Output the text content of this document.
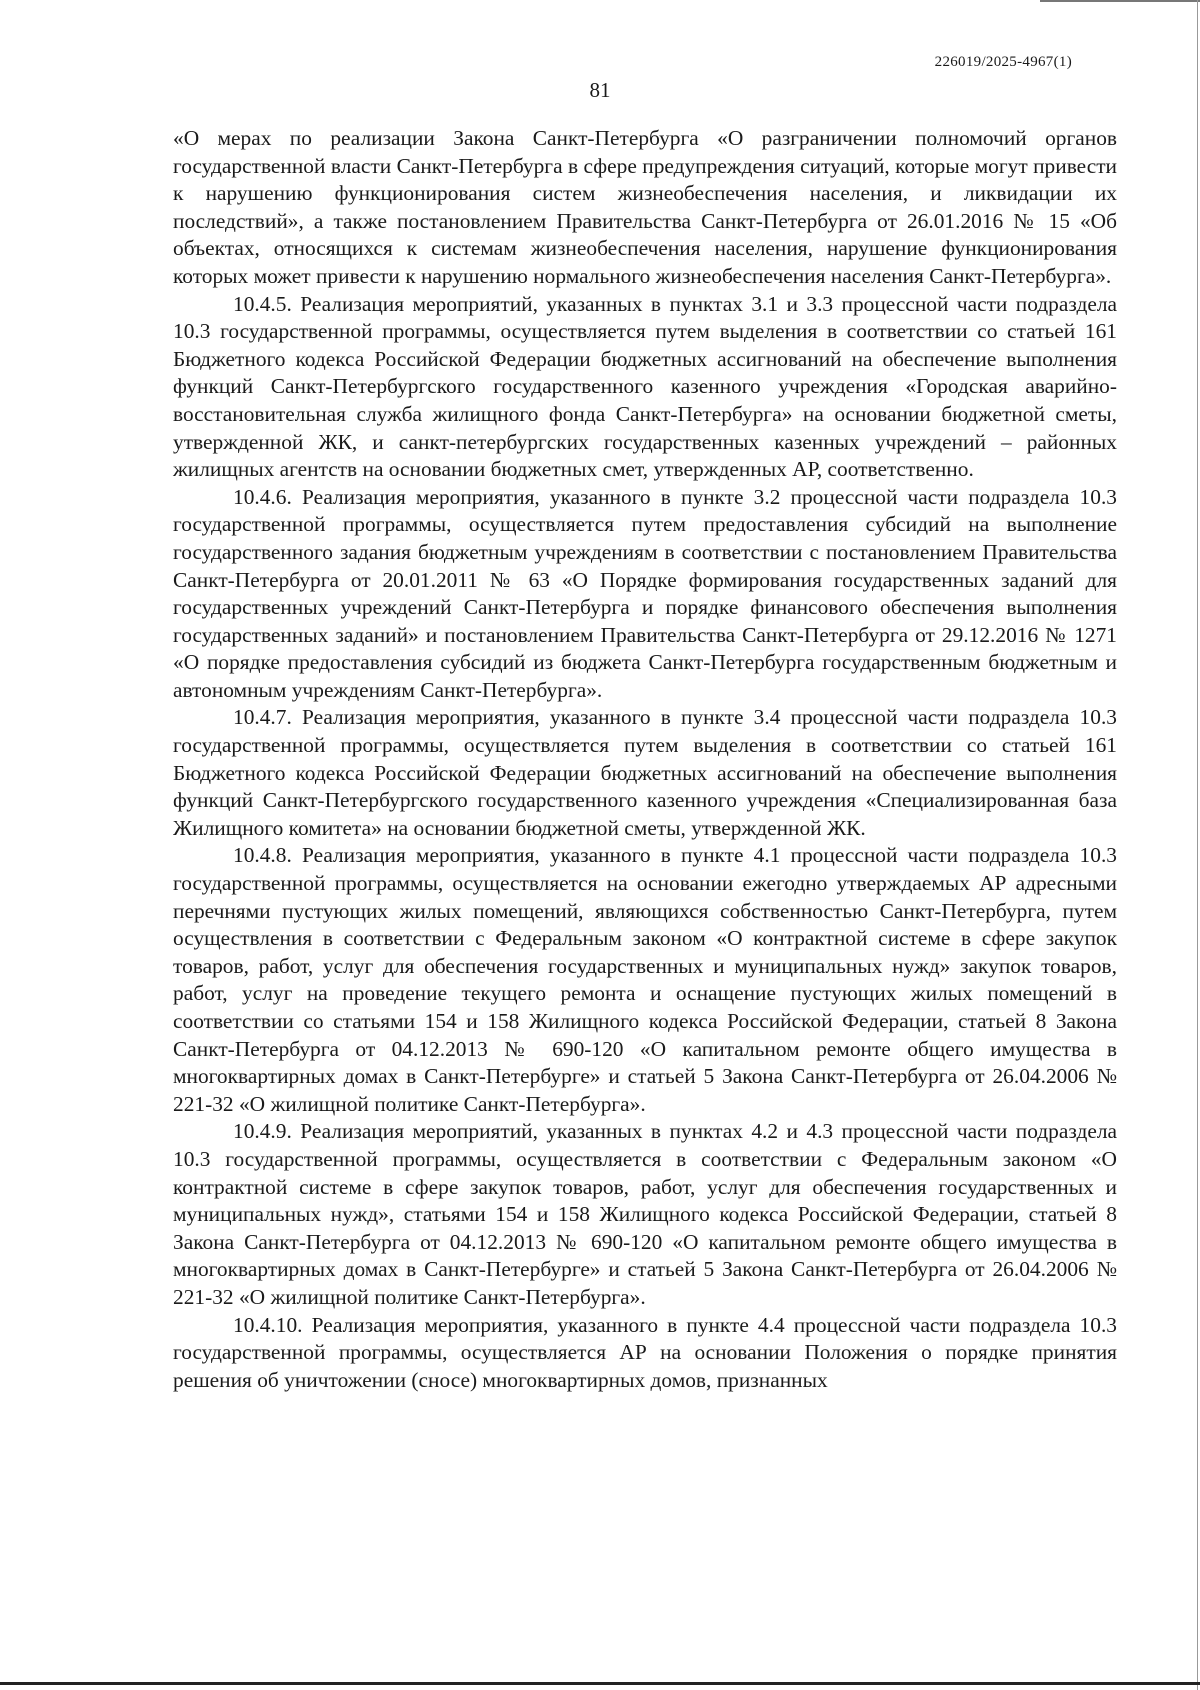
226019/2025-4967(1)
81

«О мерах по реализации Закона Санкт-Петербурга «О разграничении полномочий органов государственной власти Санкт-Петербурга в сфере предупреждения ситуаций, которые могут привести к нарушению функционирования систем жизнеобеспечения населения, и ликвидации их последствий», а также постановлением Правительства Санкт-Петербурга от 26.01.2016 № 15 «Об объектах, относящихся к системам жизнеобеспечения населения, нарушение функционирования которых может привести к нарушению нормального жизнеобеспечения населения Санкт-Петербурга».

10.4.5. Реализация мероприятий, указанных в пунктах 3.1 и 3.3 процессной части подраздела 10.3 государственной программы, осуществляется путем выделения в соответствии со статьей 161 Бюджетного кодекса Российской Федерации бюджетных ассигнований на обеспечение выполнения функций Санкт-Петербургского государственного казенного учреждения «Городская аварийно-восстановительная служба жилищного фонда Санкт-Петербурга» на основании бюджетной сметы, утвержденной ЖК, и санкт-петербургских государственных казенных учреждений – районных жилищных агентств на основании бюджетных смет, утвержденных АР, соответственно.

10.4.6. Реализация мероприятия, указанного в пункте 3.2 процессной части подраздела 10.3 государственной программы, осуществляется путем предоставления субсидий на выполнение государственного задания бюджетным учреждениям в соответствии с постановлением Правительства Санкт-Петербурга от 20.01.2011 № 63 «О Порядке формирования государственных заданий для государственных учреждений Санкт-Петербурга и порядке финансового обеспечения выполнения государственных заданий» и постановлением Правительства Санкт-Петербурга от 29.12.2016 № 1271 «О порядке предоставления субсидий из бюджета Санкт-Петербурга государственным бюджетным и автономным учреждениям Санкт-Петербурга».

10.4.7. Реализация мероприятия, указанного в пункте 3.4 процессной части подраздела 10.3 государственной программы, осуществляется путем выделения в соответствии со статьей 161 Бюджетного кодекса Российской Федерации бюджетных ассигнований на обеспечение выполнения функций Санкт-Петербургского государственного казенного учреждения «Специализированная база Жилищного комитета» на основании бюджетной сметы, утвержденной ЖК.

10.4.8. Реализация мероприятия, указанного в пункте 4.1 процессной части подраздела 10.3 государственной программы, осуществляется на основании ежегодно утверждаемых АР адресными перечнями пустующих жилых помещений, являющихся собственностью Санкт-Петербурга, путем осуществления в соответствии с Федеральным законом «О контрактной системе в сфере закупок товаров, работ, услуг для обеспечения государственных и муниципальных нужд» закупок товаров, работ, услуг на проведение текущего ремонта и оснащение пустующих жилых помещений в соответствии со статьями 154 и 158 Жилищного кодекса Российской Федерации, статьей 8 Закона Санкт-Петербурга от 04.12.2013 № 690-120 «О капитальном ремонте общего имущества в многоквартирных домах в Санкт-Петербурге» и статьей 5 Закона Санкт-Петербурга от 26.04.2006 № 221-32 «О жилищной политике Санкт-Петербурга».

10.4.9. Реализация мероприятий, указанных в пунктах 4.2 и 4.3 процессной части подраздела 10.3 государственной программы, осуществляется в соответствии с Федеральным законом «О контрактной системе в сфере закупок товаров, работ, услуг для обеспечения государственных и муниципальных нужд», статьями 154 и 158 Жилищного кодекса Российской Федерации, статьей 8 Закона Санкт-Петербурга от 04.12.2013 № 690-120 «О капитальном ремонте общего имущества в многоквартирных домах в Санкт-Петербурге» и статьей 5 Закона Санкт-Петербурга от 26.04.2006 № 221-32 «О жилищной политике Санкт-Петербурга».

10.4.10. Реализация мероприятия, указанного в пункте 4.4 процессной части подраздела 10.3 государственной программы, осуществляется АР на основании Положения о порядке принятия решения об уничтожении (сносе) многоквартирных домов, признанных
